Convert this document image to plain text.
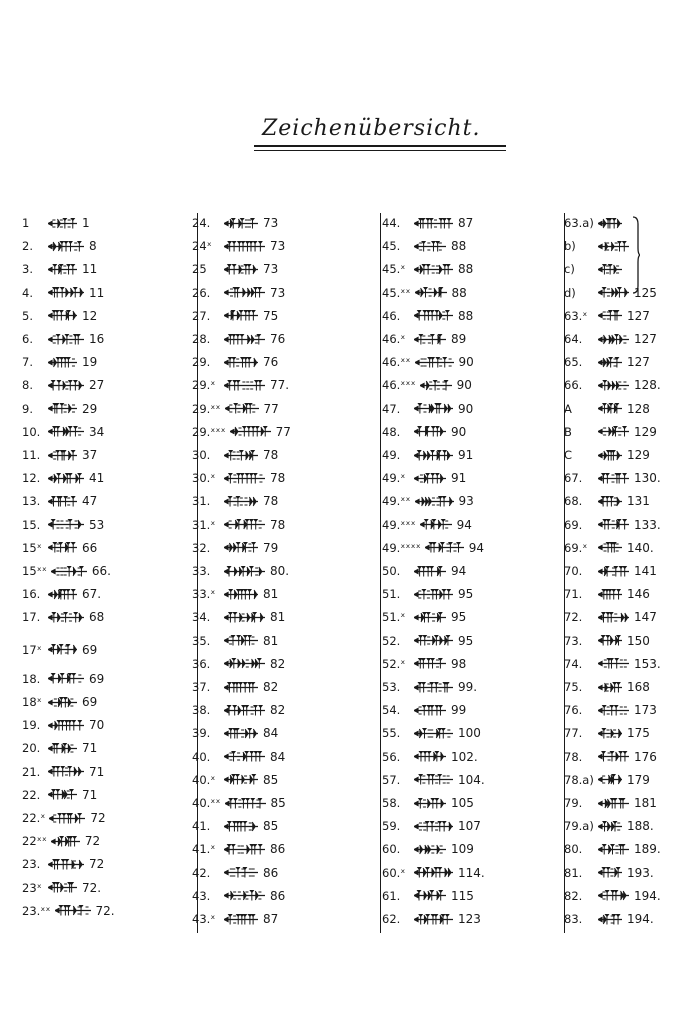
Zeichenübersicht.
1	1
2.	8
3.	11
4.	11
5.	12
6.	16
7.	19
8.	27
9.	29
10.	34
11.	37
12.	41
13.	47
15.	53
15ˣ	66
15ˣˣ	66.
16.	67.
17.	68
17ˣ	69
18.	69
18ˣ	69
19.	70
20.	71
21.	71
22.	71
22.ˣ	72
22ˣˣ	72
23.	72
23ˣ	72.
23.ˣˣ	72.
24.	73
24ˣ	73
25	73
26.	73
27.	75
28.	76
29.	76
29.ˣ	77.
29.ˣˣ	77
29.ˣˣˣ	77
30.	78
30.ˣ	78
31.	78
31.ˣ	78
32.	79
33.	80.
33.ˣ	81
34.	81
35.	81
36.	82
37.	82
38.	82
39.	84
40.	84
40.ˣ	85
40.ˣˣ	85
41.	85
41.ˣ	86
42.	86
43.	86
43.ˣ	87
44.	87
45.	88
45.ˣ	88
45.ˣˣ	88
46.	88
46.ˣ	89
46.ˣˣ	90
46.ˣˣˣ	90
47.	90
48.	90
49.	91
49.ˣ	91
49.ˣˣ	93
49.ˣˣˣ	94
49.ˣˣˣˣ	94
50.	94
51.	95
51.ˣ	95
52.	95
52.ˣ	98
53.	99.
54.	99
55.	100
56.	102.
57.	104.
58.	105
59.	107
60.	109
60.ˣ	114.
61.	115
62.	123
63.a)
b)
c)
d)	125
63.ˣ	127
64.	127
65.	127
66.	128.
A	128
B	129
C	129
67.	130.
68.	131
69.	133.
69.ˣ	140.
70.	141
71.	146
72.	147
73.	150
74.	153.
75.	168
76.	173
77.	175
78.	176
78.a)	179
79.	181
79.a)	188.
80.	189.
81.	193.
82.	194.
83.	194.
